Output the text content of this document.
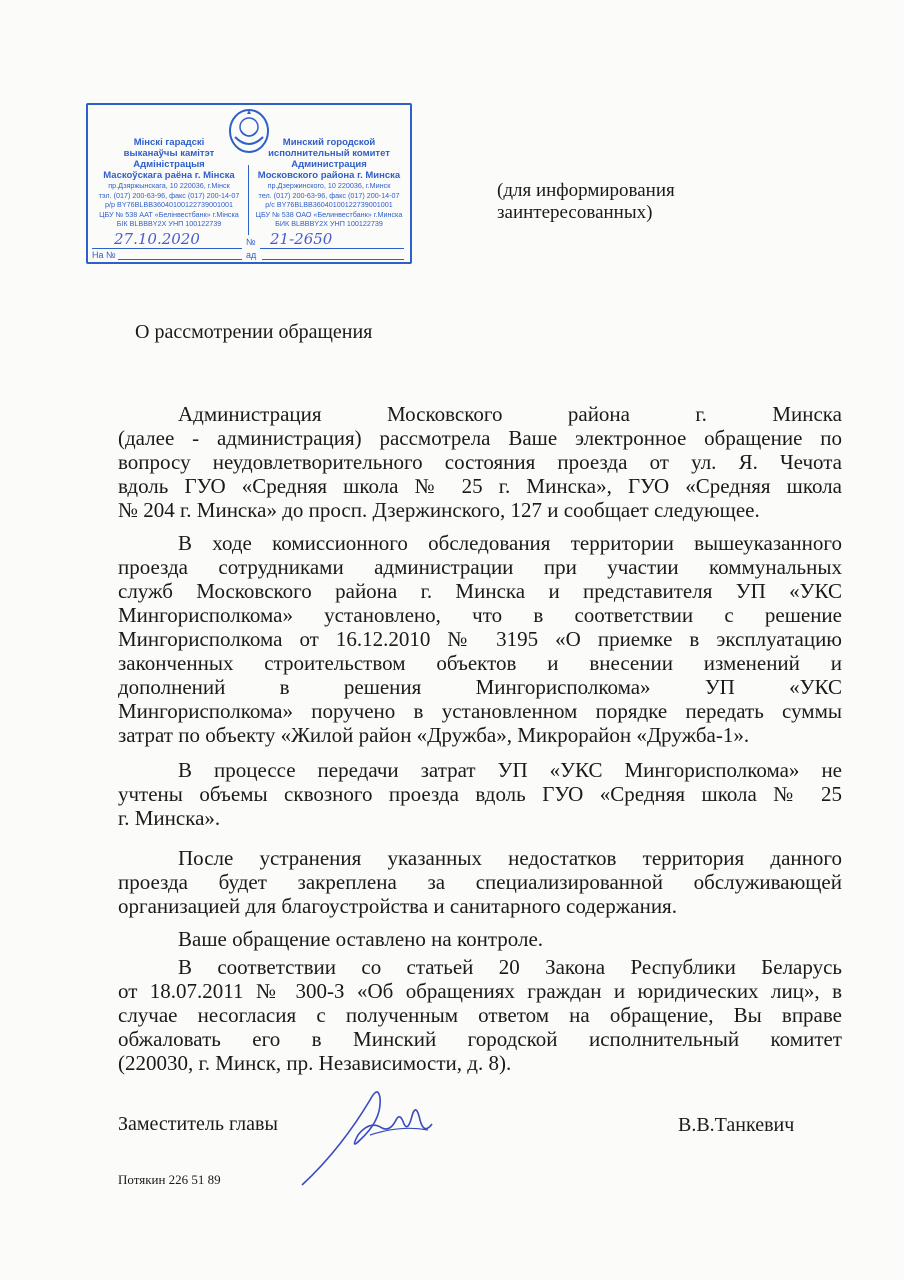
Мінскі гарадскі
выканаўчы камітэт
Адміністрацыя
Маскоўскага раёна г. Мінска
пр.Дзяржынскага, 10 220036, г.Мінск
тэл. (017) 200-63-96, факс (017) 200-14-07
р/р BY76BLBB36040100122739001001
ЦБУ № 538 ААТ «Белінвестбанк» г.Мінска
БІК BLBBBY2X УНП 100122739
Минский городской
исполнительный комитет
Администрация
Московского района г. Минска
пр.Дзержинского, 10 220036, г.Минск
тел. (017) 200-63-96, факс (017) 200-14-07
р/с BY76BLBB36040100122739001001
ЦБУ № 538 ОАО «Белинвестбанк» г.Минска
БИК BLBBBY2X УНП 100122739
27.10.2020	№ 21-2650
На №	ад
(для информирования
заинтересованных)
О рассмотрении обращения
Администрация Московского района г. Минска
(далее - администрация) рассмотрела Ваше электронное обращение по
вопросу неудовлетворительного состояния проезда от ул. Я. Чечота
вдоль ГУО «Средняя школа № 25 г. Минска», ГУО «Средняя школа
№ 204 г. Минска» до просп. Дзержинского, 127 и сообщает следующее.
В ходе комиссионного обследования территории вышеуказанного
проезда сотрудниками администрации при участии коммунальных
служб Московского района г. Минска и представителя УП «УКС
Мингорисполкома» установлено, что в соответствии с решение
Мингорисполкома от 16.12.2010 № 3195 «О приемке в эксплуатацию
законченных строительством объектов и внесении изменений и
дополнений в решения Мингорисполкома» УП «УКС
Мингорисполкома» поручено в установленном порядке передать суммы
затрат по объекту «Жилой район «Дружба», Микрорайон «Дружба-1».
В процессе передачи затрат УП «УКС Мингорисполкома» не
учтены объемы сквозного проезда вдоль ГУО «Средняя школа № 25
г. Минска».
После устранения указанных недостатков территория данного
проезда будет закреплена за специализированной обслуживающей
организацией для благоустройства и санитарного содержания.
Ваше обращение оставлено на контроле.
В соответствии со статьей 20 Закона Республики Беларусь
от 18.07.2011 № 300-З «Об обращениях граждан и юридических лиц», в
случае несогласия с полученным ответом на обращение, Вы вправе
обжаловать его в Минский городской исполнительный комитет
(220030, г. Минск, пр. Независимости, д. 8).
Заместитель главы	В.В.Танкевич
Потякин 226 51 89
